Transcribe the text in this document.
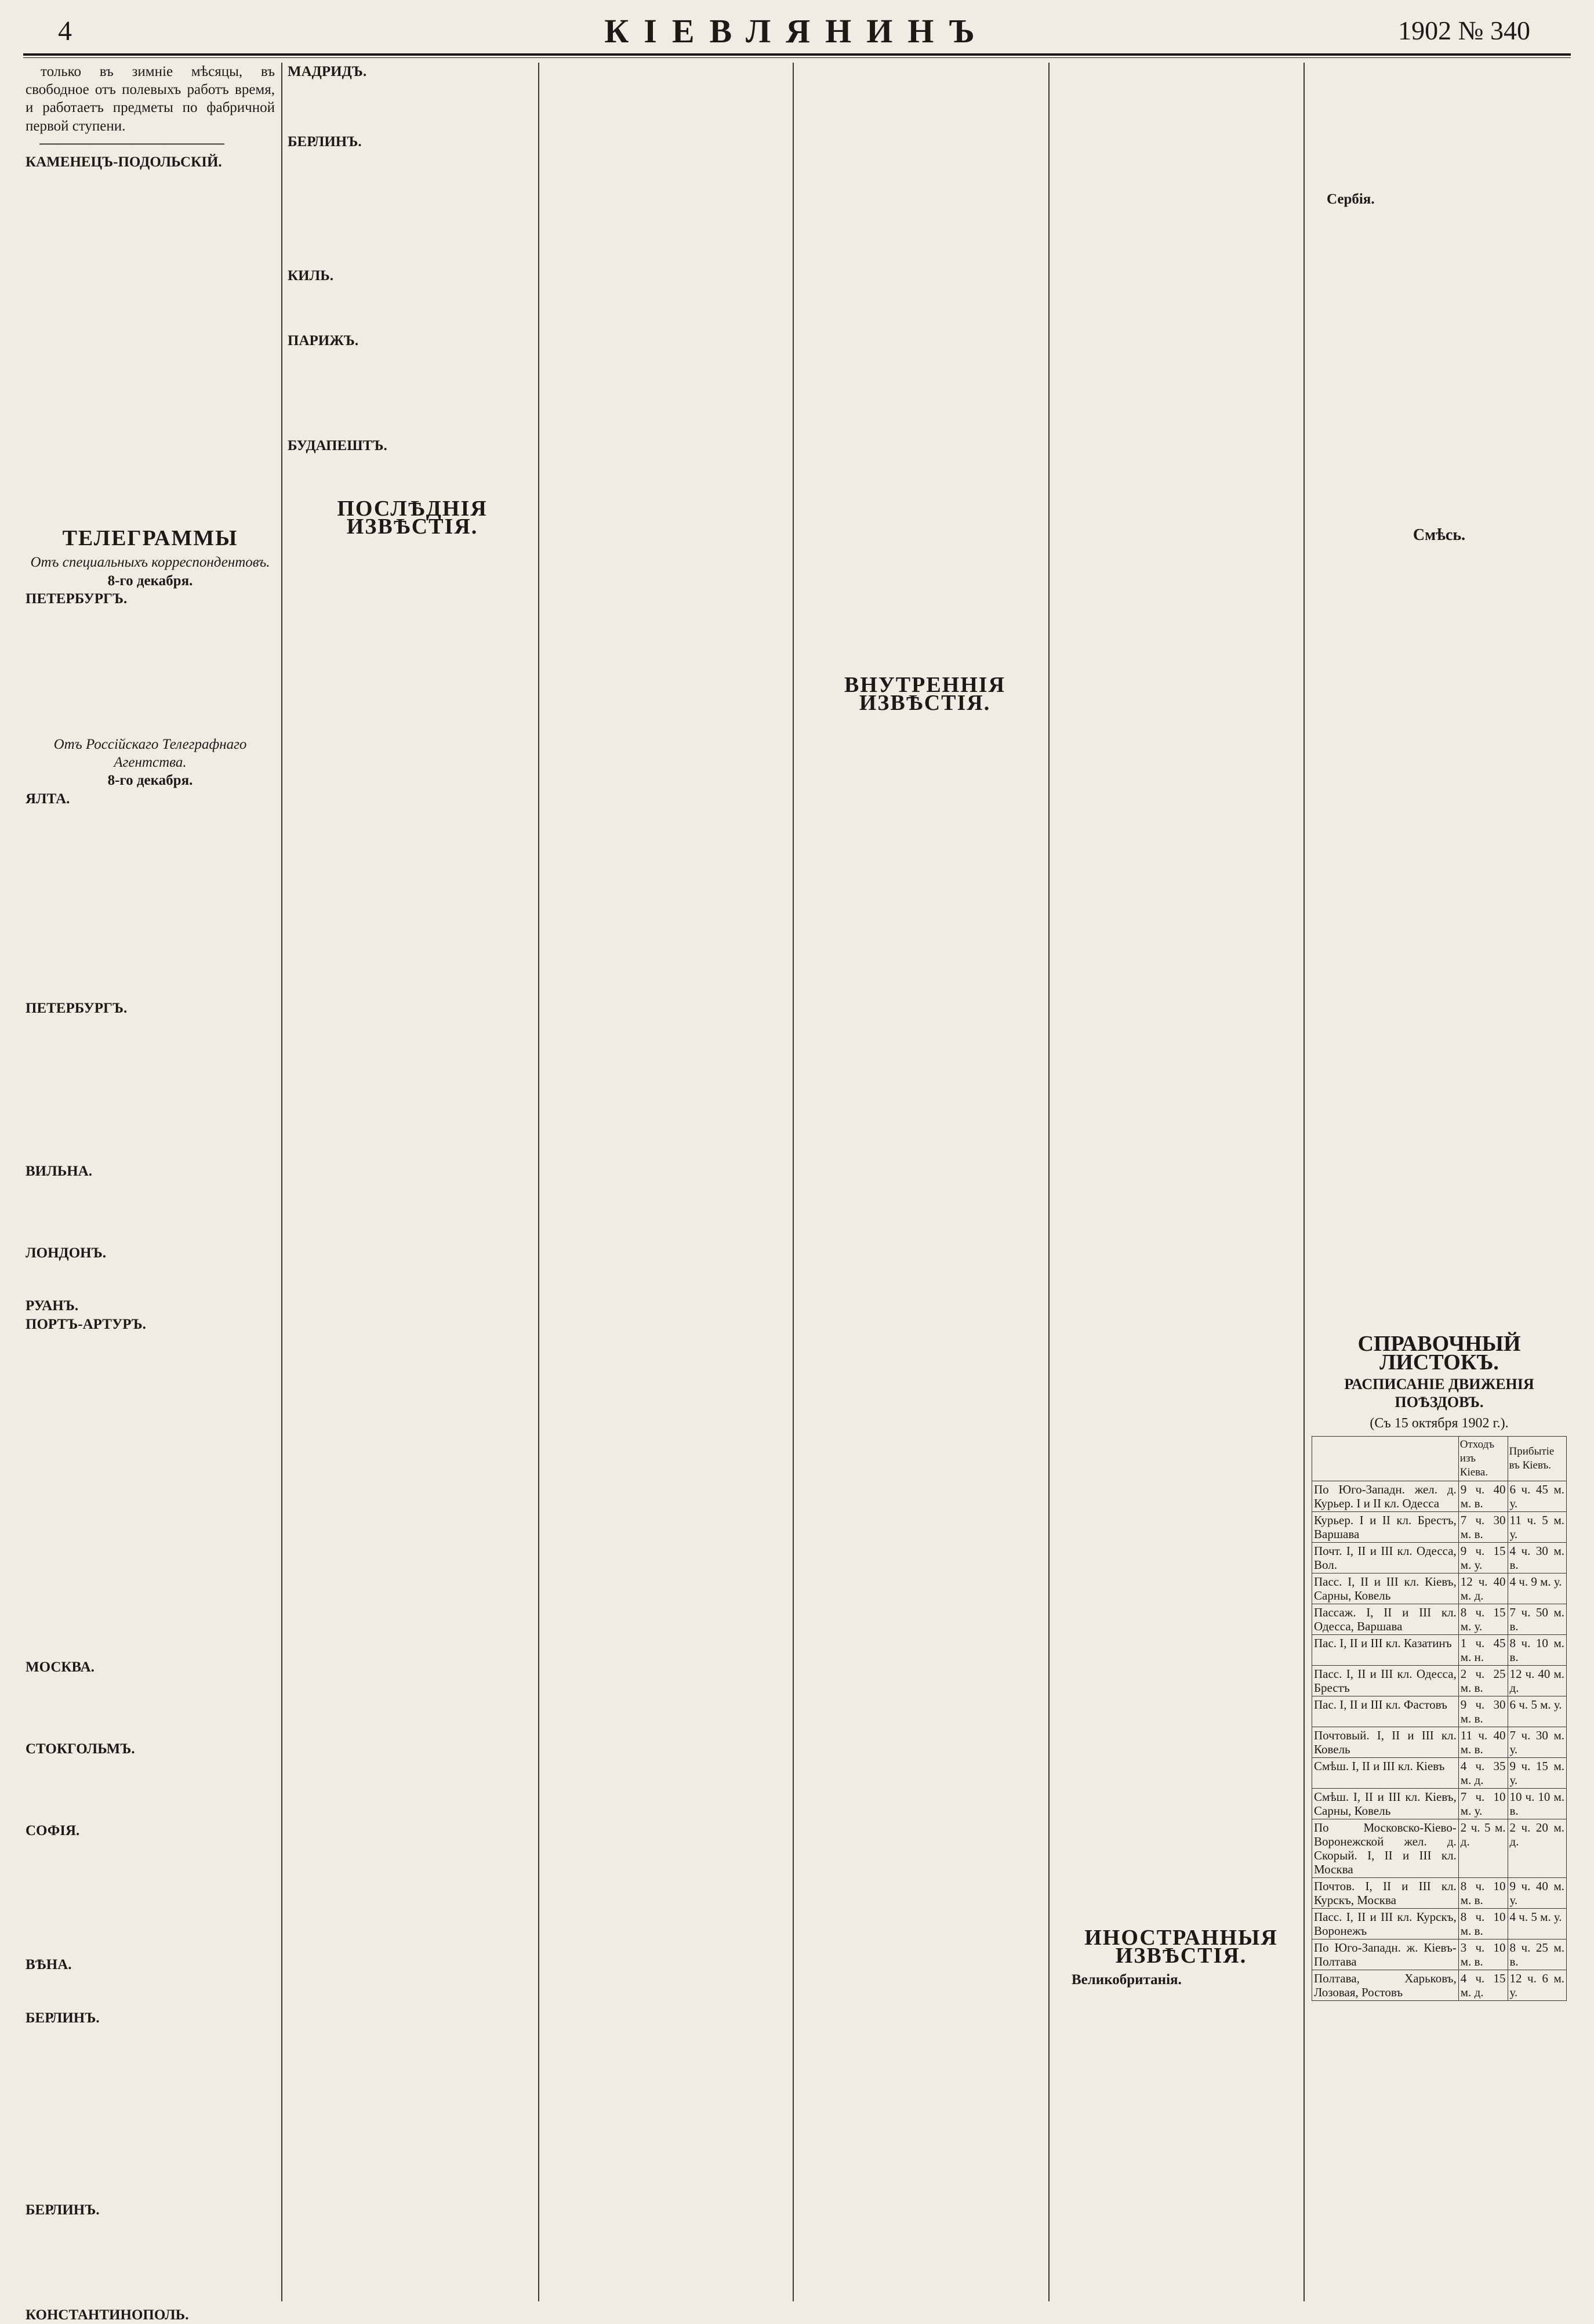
4	КІЕВЛЯНИНЪ	1902 № 340

только въ зимніе мѣсяцы, въ свободное отъ полевыхъ работъ время, и работаетъ предметы по фабричной первой ступени.

──────────────────

КАМЕНЕЦЪ-ПОДОЛЬСКІЙ.

ТЕЛЕГРАММЫ

Отъ специальныхъ корреспондентовъ.

8-го декабря.

ПЕТЕРБУРГЪ.

Отъ Россійскаго Телеграфнаго Агентства.

8-го декабря.

ЯЛТА.

ПЕТЕРБУРГЪ.

ВИЛЬНА.

ЛОНДОНЪ.

РУАНЪ.

ПОРТЪ-АРТУРЪ.

МОСКВА.

СТОКГОЛЬМЪ.

СОФІЯ.

ВѢНА.

БЕРЛИНЪ.

БЕРЛИНЪ.

КОНСТАНТИНОПОЛЬ.

МАДРИДЪ.

БЕРЛИНЪ.

КИЛЬ.

ПАРИЖЪ.

БУДАПЕШТЪ.

ПОСЛѢДНІЯ ИЗВѢСТІЯ.
ВНУТРЕННІЯ ИЗВѢСТІЯ.
ИНОСТРАННЫЯ ИЗВѢСТІЯ.

Великобританія.

Сербія.

Смѣсь.
СПРАВОЧНЫЙ ЛИСТОКЪ.
РАСПИСАНІЕ ДВИЖЕНІЯ ПОѢЗДОВЪ.
(Съ 15 октября 1902 г.).
	Отходъ изъ Кіева.	Прибытіе въ Кіевъ.
По Юго-Западн. жел. д. Курьер. I и II кл. Одесса	9 ч. 40 м. в.	6 ч. 45 м. у.
Курьер. I и II кл. Брестъ, Варшава	7 ч. 30 м. в.	11 ч. 5 м. у.
Почт. I, II и III кл. Одесса, Вол.	9 ч. 15 м. у.	4 ч. 30 м. в.
Пасс. I, II и III кл. Кіевъ, Сарны, Ковель	12 ч. 40 м. д.	4 ч. 9 м. у.
Пассаж. I, II и III кл. Одесса, Варшава	8 ч. 15 м. у.	7 ч. 50 м. в.
Пас. I, II и III кл. Казатинъ	1 ч. 45 м. н.	8 ч. 10 м. в.
Пасс. I, II и III кл. Одесса, Брестъ	2 ч. 25 м. в.	12 ч. 40 м. д.
Пас. I, II и III кл. Фастовъ	9 ч. 30 м. в.	6 ч. 5 м. у.
Почтовый. I, II и III кл. Ковель	11 ч. 40 м. в.	7 ч. 30 м. у.
Смѣш. I, II и III кл. Кіевъ	4 ч. 35 м. д.	9 ч. 15 м. у.
Смѣш. I, II и III кл. Кіевъ, Сарны, Ковель	7 ч. 10 м. у.	10 ч. 10 м. в.
По Московско-Кіево-Воронежской жел. д. Скорый. I, II и III кл. Москва	2 ч. 5 м. д.	2 ч. 20 м. д.
Почтов. I, II и III кл. Курскъ, Москва	8 ч. 10 м. в.	9 ч. 40 м. у.
Пасс. I, II и III кл. Курскъ, Воронежъ	8 ч. 10 м. в.	4 ч. 5 м. у.
По Юго-Западн. ж. Кіевъ-Полтава	3 ч. 10 м. в.	8 ч. 25 м. в.
Полтава, Харьковъ, Лозовая, Ростовъ	4 ч. 15 м. д.	12 ч. 6 м. у.
